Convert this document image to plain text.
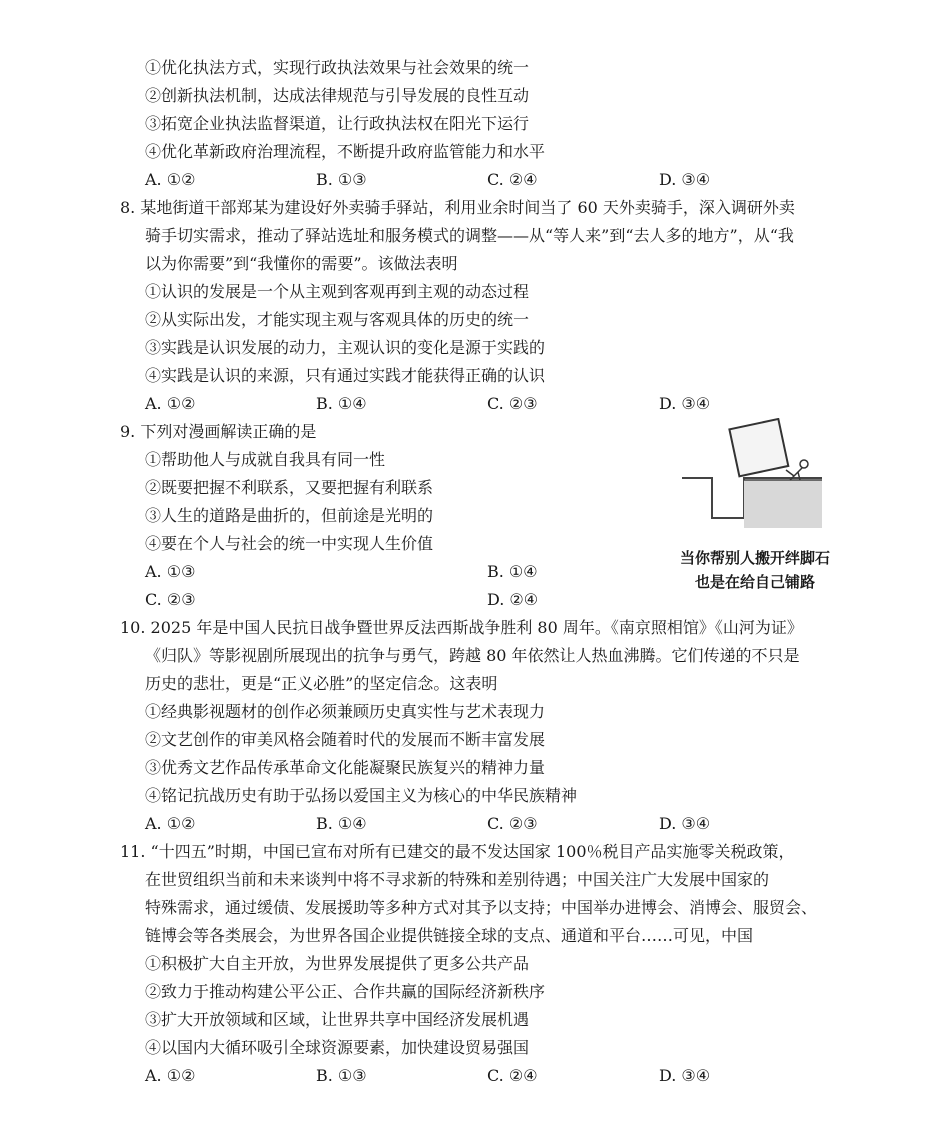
①优化执法方式，实现行政执法效果与社会效果的统一
②创新执法机制，达成法律规范与引导发展的良性互动
③拓宽企业执法监督渠道，让行政执法权在阳光下运行
④优化革新政府治理流程，不断提升政府监管能力和水平
A. ①②	B. ①③	C. ②④	D. ③④
8. 某地街道干部郑某为建设好外卖骑手驿站，利用业余时间当了 60 天外卖骑手，深入调研外卖
骑手切实需求，推动了驿站选址和服务模式的调整——从“等人来”到“去人多的地方”，从“我
以为你需要”到“我懂你的需要”。该做法表明
①认识的发展是一个从主观到客观再到主观的动态过程
②从实际出发，才能实现主观与客观具体的历史的统一
③实践是认识发展的动力，主观认识的变化是源于实践的
④实践是认识的来源，只有通过实践才能获得正确的认识
A. ①②	B. ①④	C. ②③	D. ③④
9. 下列对漫画解读正确的是
①帮助他人与成就自我具有同一性
②既要把握不利联系，又要把握有利联系
③人生的道路是曲折的，但前途是光明的
④要在个人与社会的统一中实现人生价值
A. ①③	B. ①④
C. ②③	D. ②④
当你帮别人搬开绊脚石
也是在给自己铺路
10. 2025 年是中国人民抗日战争暨世界反法西斯战争胜利 80 周年。《南京照相馆》《山河为证》
《归队》等影视剧所展现出的抗争与勇气，跨越 80 年依然让人热血沸腾。它们传递的不只是
历史的悲壮，更是“正义必胜”的坚定信念。这表明
①经典影视题材的创作必须兼顾历史真实性与艺术表现力
②文艺创作的审美风格会随着时代的发展而不断丰富发展
③优秀文艺作品传承革命文化能凝聚民族复兴的精神力量
④铭记抗战历史有助于弘扬以爱国主义为核心的中华民族精神
A. ①②	B. ①④	C. ②③	D. ③④
11. “十四五”时期，中国已宣布对所有已建交的最不发达国家 100％税目产品实施零关税政策，
在世贸组织当前和未来谈判中将不寻求新的特殊和差别待遇；中国关注广大发展中国家的
特殊需求，通过缓债、发展援助等多种方式对其予以支持；中国举办进博会、消博会、服贸会、
链博会等各类展会，为世界各国企业提供链接全球的支点、通道和平台……可见，中国
①积极扩大自主开放，为世界发展提供了更多公共产品
②致力于推动构建公平公正、合作共赢的国际经济新秩序
③扩大开放领域和区域，让世界共享中国经济发展机遇
④以国内大循环吸引全球资源要素，加快建设贸易强国
A. ①②	B. ①③	C. ②④	D. ③④
